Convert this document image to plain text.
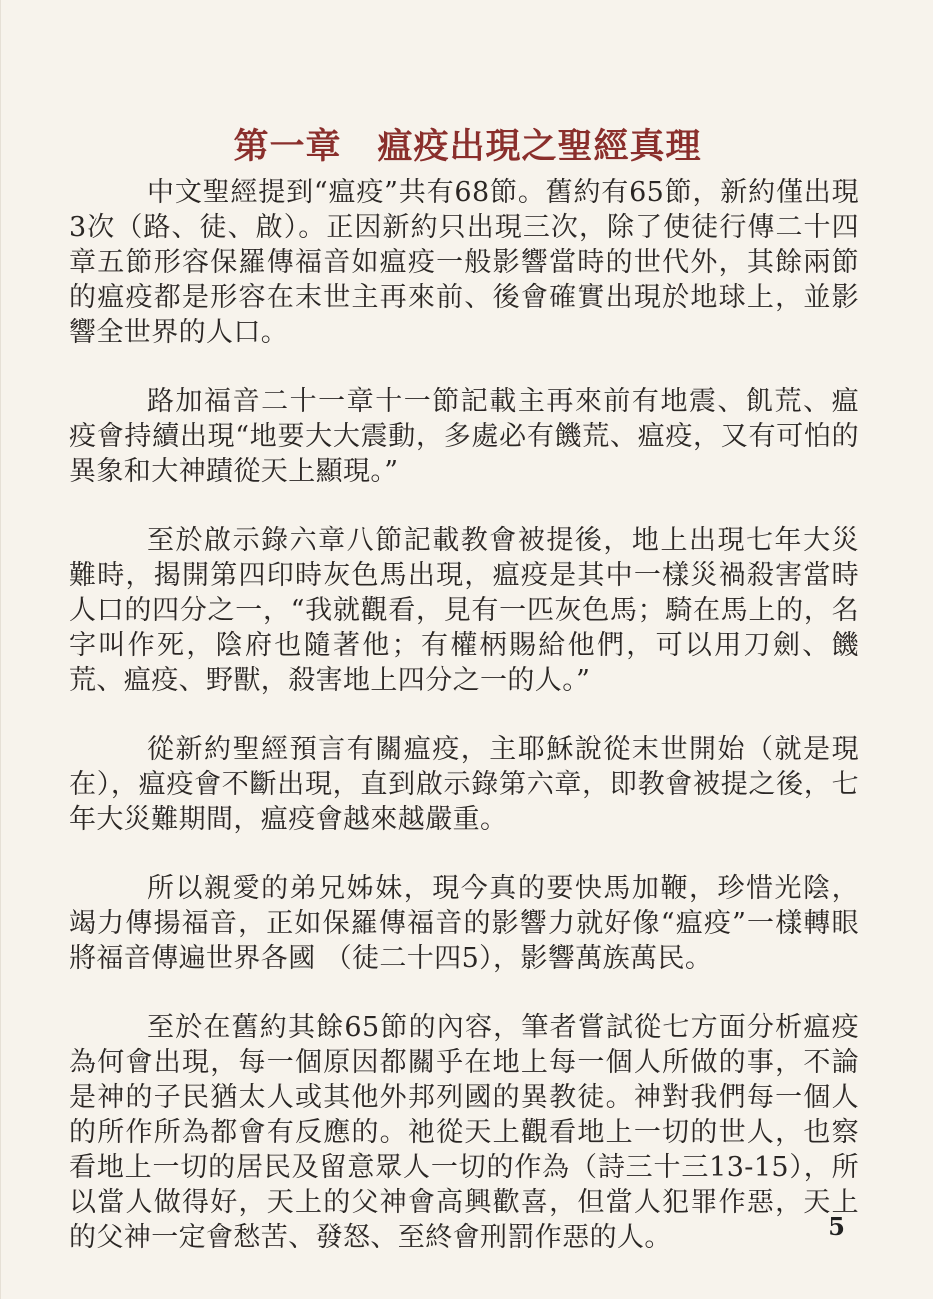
第一章　瘟疫出現之聖經真理

中文聖經提到“瘟疫”共有68節。舊約有65節，新約僅出現3次（路、徒、啟）。正因新約只出現三次，除了使徒行傳二十四章五節形容保羅傳福音如瘟疫一般影響當時的世代外，其餘兩節的瘟疫都是形容在末世主再來前、後會確實出現於地球上，並影響全世界的人口。

路加福音二十一章十一節記載主再來前有地震、飢荒、瘟疫會持續出現“地要大大震動，多處必有饑荒、瘟疫，又有可怕的異象和大神蹟從天上顯現。”

至於啟示錄六章八節記載教會被提後，地上出現七年大災難時，揭開第四印時灰色馬出現，瘟疫是其中一樣災禍殺害當時人口的四分之一，“我就觀看，見有一匹灰色馬；騎在馬上的，名字叫作死，陰府也隨著他；有權柄賜給他們，可以用刀劍、饑荒、瘟疫、野獸，殺害地上四分之一的人。”

從新約聖經預言有關瘟疫，主耶穌說從末世開始（就是現在），瘟疫會不斷出現，直到啟示錄第六章，即教會被提之後，七年大災難期間，瘟疫會越來越嚴重。

所以親愛的弟兄姊妹，現今真的要快馬加鞭，珍惜光陰，竭力傳揚福音，正如保羅傳福音的影響力就好像“瘟疫”一樣轉眼將福音傳遍世界各國 （徒二十四5），影響萬族萬民。

至於在舊約其餘65節的內容，筆者嘗試從七方面分析瘟疫為何會出現，每一個原因都關乎在地上每一個人所做的事，不論是神的子民猶太人或其他外邦列國的異教徒。神對我們每一個人的所作所為都會有反應的。祂從天上觀看地上一切的世人，也察看地上一切的居民及留意眾人一切的作為（詩三十三13-15），所以當人做得好，天上的父神會高興歡喜，但當人犯罪作惡，天上的父神一定會愁苦、發怒、至終會刑罰作惡的人。	5
